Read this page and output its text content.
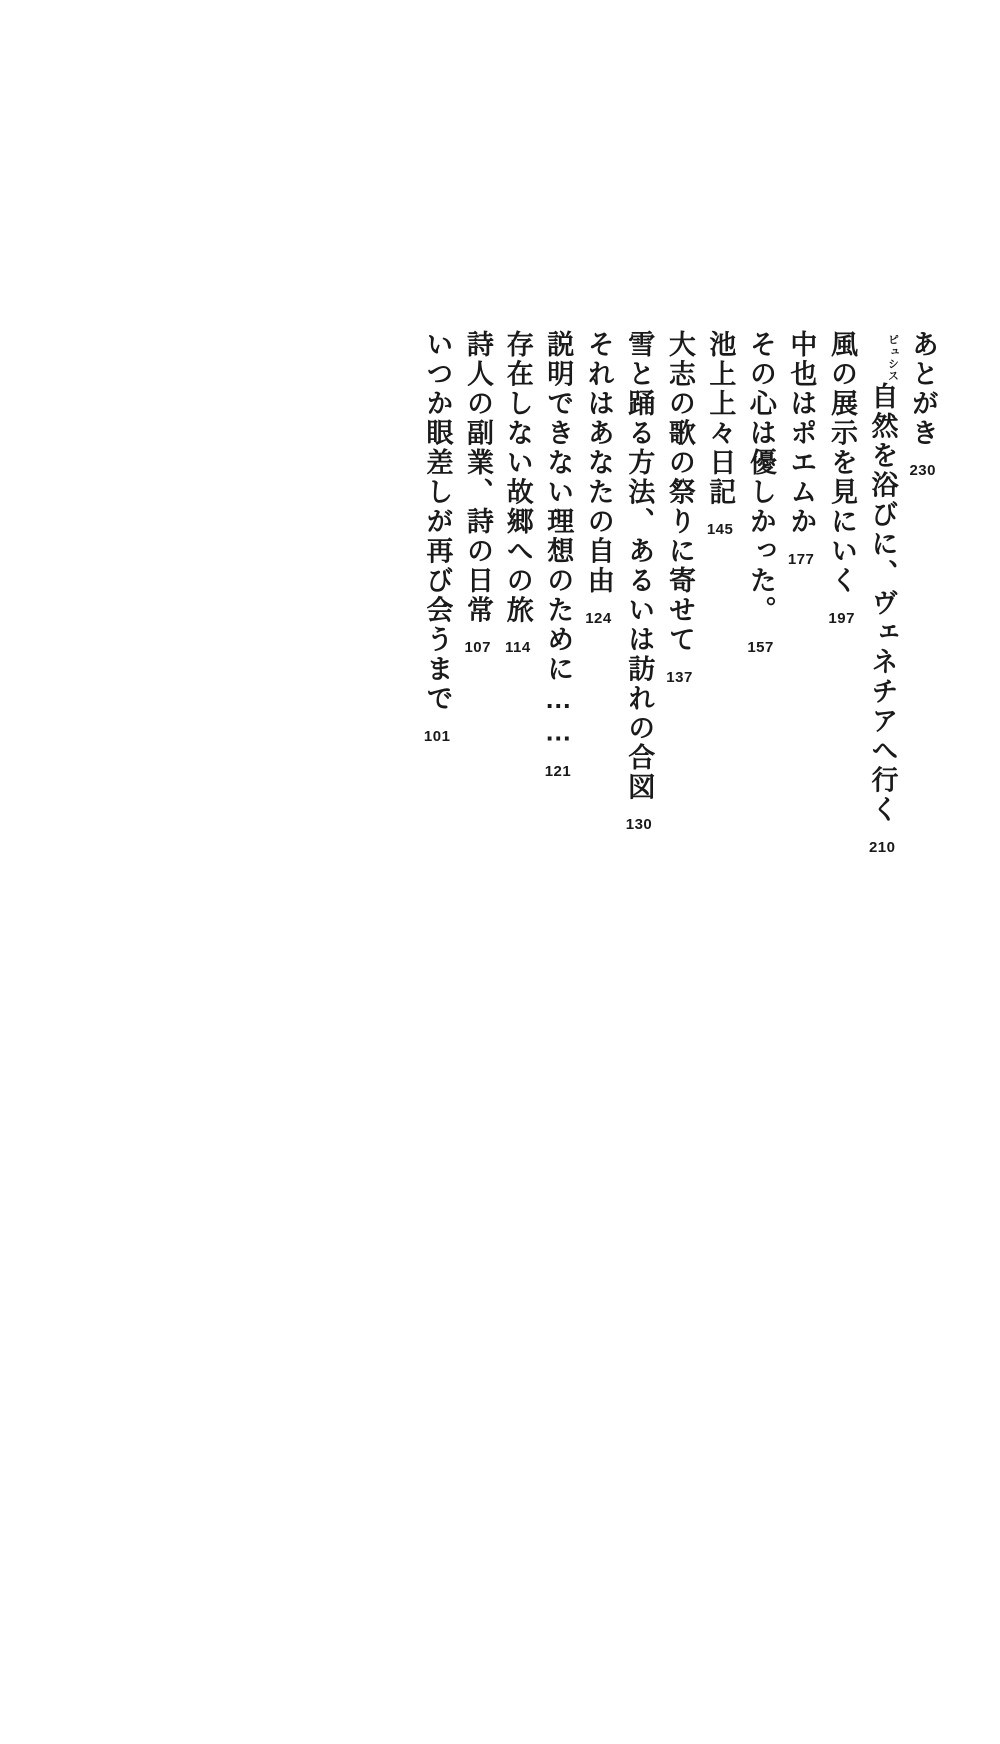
いつか眼差しが再び会うまで
101
詩人の副業、詩の日常
107
存在しない故郷への旅
114 説明できない理想のために……
121
それはあなたの自由
124 雪と踊る方法、あるいは訪れの合図
130
大志の歌の祭りに寄せて
137
池上上々日記
145 その心は優しかった。
157
中也はポエムか
177 風の展示を見にいく
197
ピュシス
自然を浴びに、ヴェネチアへ行く
210
あとがき
230
